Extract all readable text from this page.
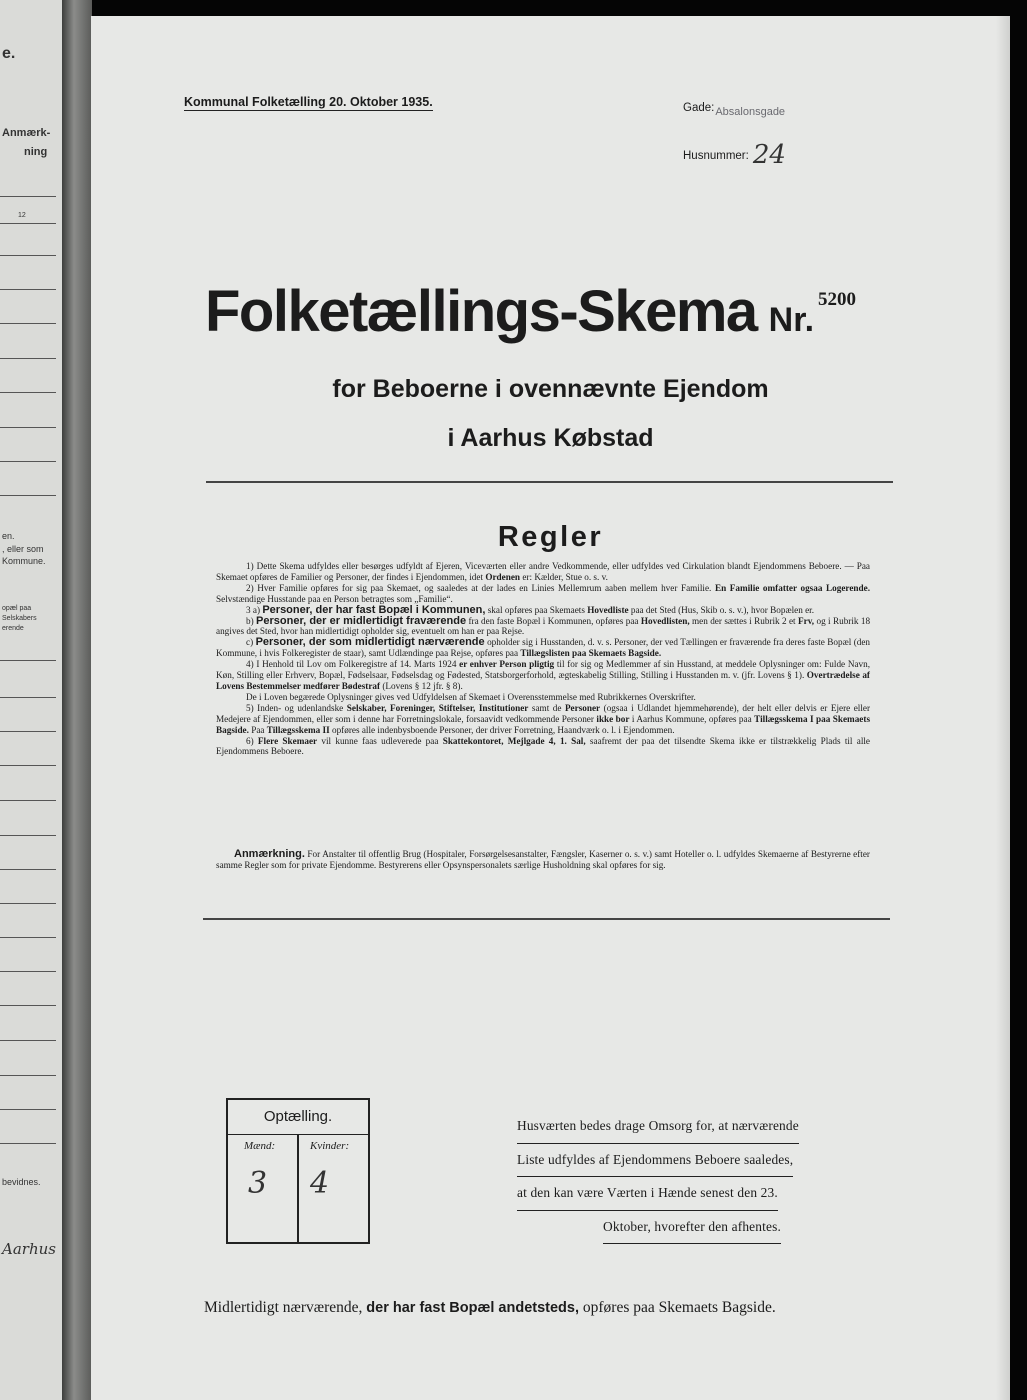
e.
Anmærk-
ning
12
en.
, eller som
Kommune.
opæl paa
Selskabers
erende
bevidnes.
Aarhus
Kommunal Folketælling 20. Oktober 1935.	Gade:Absalonsgade
Husnummer: 24
Folketællings-Skema Nr.$^{5200}$
for Beboerne i ovennævnte Ejendom
i Aarhus Købstad
Regler

1) Dette Skema udfyldes eller besørges udfyldt af Ejeren, Viceværten eller andre Vedkommende, eller udfyldes ved Cirkulation blandt Ejendommens Beboere. — Paa Skemaet opføres de Familier og Personer, der findes i Ejendommen, idet Ordenen er: Kælder, Stue o. s. v.

2) Hver Familie opføres for sig paa Skemaet, og saaledes at der lades en Linies Mellemrum aaben mellem hver Familie. En Familie omfatter ogsaa Logerende. Selvstændige Husstande paa en Person betragtes som „Familie“.

3 a) Personer, der har fast Bopæl i Kommunen, skal opføres paa Skemaets Hovedliste paa det Sted (Hus, Skib o. s. v.), hvor Bopælen er.

b) Personer, der er midlertidigt fraværende fra den faste Bopæl i Kommunen, opføres paa Hovedlisten, men der sættes i Rubrik 2 et Frv, og i Rubrik 18 angives det Sted, hvor han midlertidigt opholder sig, eventuelt om han er paa Rejse.

c) Personer, der som midlertidigt nærværende opholder sig i Husstanden, d. v. s. Personer, der ved Tællingen er fraværende fra deres faste Bopæl (den Kommune, i hvis Folkeregister de staar), samt Udlændinge paa Rejse, opføres paa Tillægslisten paa Skemaets Bagside.

4) I Henhold til Lov om Folkeregistre af 14. Marts 1924 er enhver Person pligtig til for sig og Medlemmer af sin Husstand, at meddele Oplysninger om: Fulde Navn, Køn, Stilling eller Erhverv, Bopæl, Fødselsaar, Fødselsdag og Fødested, Statsborgerforhold, ægteskabelig Stilling, Stilling i Husstanden m. v. (jfr. Lovens § 1). Overtrædelse af Lovens Bestemmelser medfører Bødestraf (Lovens § 12 jfr. § 8).

De i Loven begærede Oplysninger gives ved Udfyldelsen af Skemaet i Overensstemmelse med Rubrikkernes Overskrifter.

5) Inden- og udenlandske Selskaber, Foreninger, Stiftelser, Institutioner samt de Personer (ogsaa i Udlandet hjemmehørende), der helt eller delvis er Ejere eller Medejere af Ejendommen, eller som i denne har Forretningslokale, forsaavidt vedkommende Personer ikke bor i Aarhus Kommune, opføres paa Tillægsskema I paa Skemaets Bagside. Paa Tillægsskema II opføres alle indenbysboende Personer, der driver Forretning, Haandværk o. l. i Ejendommen.

6) Flere Skemaer vil kunne faas udleverede paa Skattekontoret, Mejlgade 4, 1. Sal, saafremt der paa det tilsendte Skema ikke er tilstrækkelig Plads til alle Ejendommens Beboere.

Anmærkning. For Anstalter til offentlig Brug (Hospitaler, Forsørgelsesanstalter, Fængsler, Kaserner o. s. v.) samt Hoteller o. l. udfyldes Skemaerne af Bestyrerne efter samme Regler som for private Ejendomme. Bestyrerens eller Opsynspersonalets særlige Husholdning skal opføres for sig.

Optælling.
Mænd:	Kvinder:
3 4
Husværten bedes drage Omsorg for, at nærværende
Liste udfyldes af Ejendommens Beboere saaledes,
at den kan være Værten i Hænde senest den 23.
Oktober, hvorefter den afhentes.
Midlertidigt nærværende, der har fast Bopæl andetsteds, opføres paa Skemaets Bagside.
